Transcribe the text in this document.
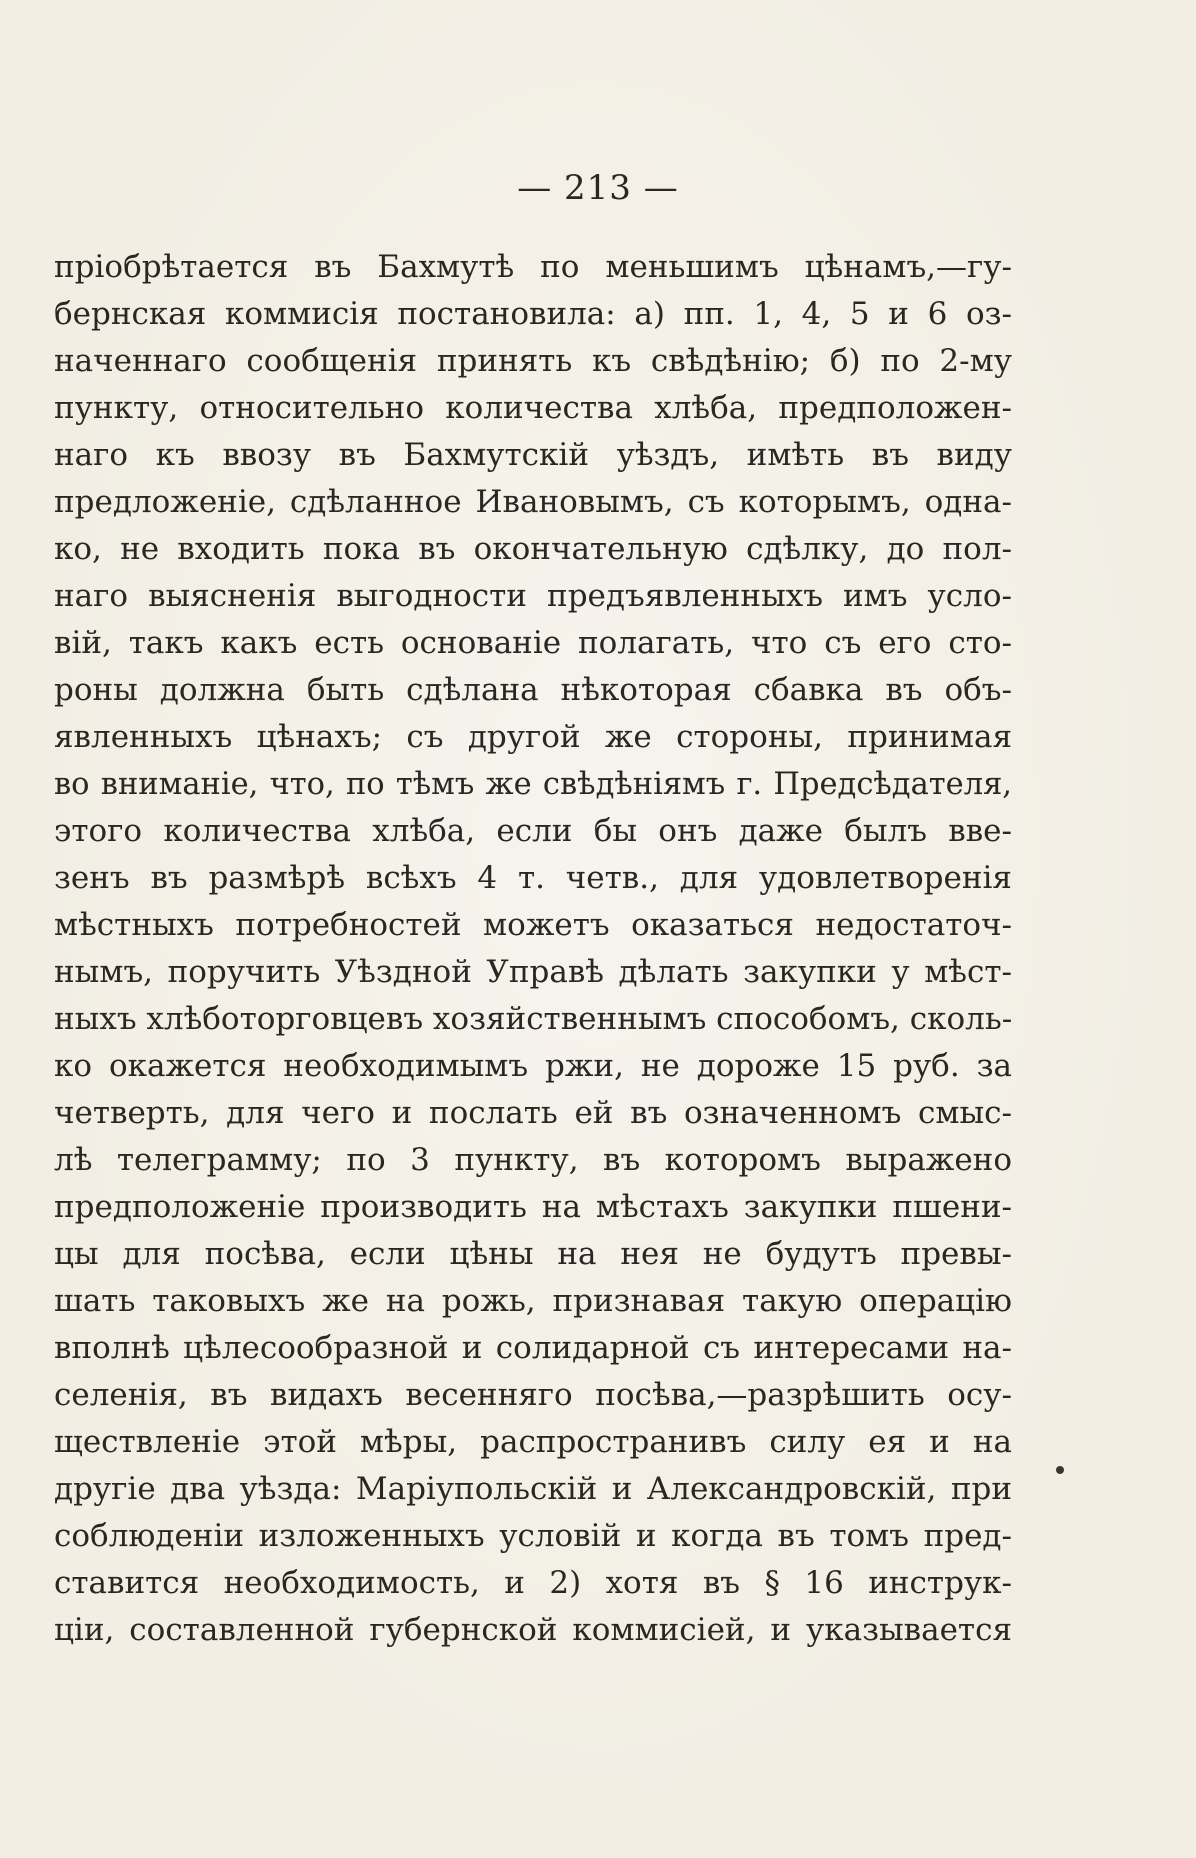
— 213 —
пріобрѣтается въ Бахмутѣ по меньшимъ цѣнамъ,—гу-
бернская коммисія постановила: а) пп. 1, 4, 5 и 6 оз-
наченнаго сообщенія принять къ свѣдѣнію; б) по 2-му
пункту, относительно количества хлѣба, предположен-
наго къ ввозу въ Бахмутскій уѣздъ, имѣть въ виду
предложеніе, сдѣланное Ивановымъ, съ которымъ, одна-
ко, не входить пока въ окончательную сдѣлку, до пол-
наго выясненія выгодности предъявленныхъ имъ усло-
вій, такъ какъ есть основаніе полагать, что съ его сто-
роны должна быть сдѣлана нѣкоторая сбавка въ объ-
явленныхъ цѣнахъ; съ другой же стороны, принимая
во вниманіе, что, по тѣмъ же свѣдѣніямъ г. Предсѣдателя,
этого количества хлѣба, если бы онъ даже былъ вве-
зенъ въ размѣрѣ всѣхъ 4 т. четв., для удовлетворенія
мѣстныхъ потребностей можетъ оказаться недостаточ-
нымъ, поручить Уѣздной Управѣ дѣлать закупки у мѣст-
ныхъ хлѣботорговцевъ хозяйственнымъ способомъ, сколь-
ко окажется необходимымъ ржи, не дороже 15 руб. за
четверть, для чего и послать ей въ означенномъ смыс-
лѣ телеграмму; по 3 пункту, въ которомъ выражено
предположеніе производить на мѣстахъ закупки пшени-
цы для посѣва, если цѣны на нея не будутъ превы-
шать таковыхъ же на рожь, признавая такую операцію
вполнѣ цѣлесообразной и солидарной съ интересами на-
селенія, въ видахъ весенняго посѣва,—разрѣшить осу-
ществленіе этой мѣры, распространивъ силу ея и на
другіе два уѣзда: Маріупольскій и Александровскій, при
соблюденіи изложенныхъ условій и когда въ томъ пред-
ставится необходимость, и 2) хотя въ § 16 инструк-
ціи, составленной губернской коммисіей, и указывается
